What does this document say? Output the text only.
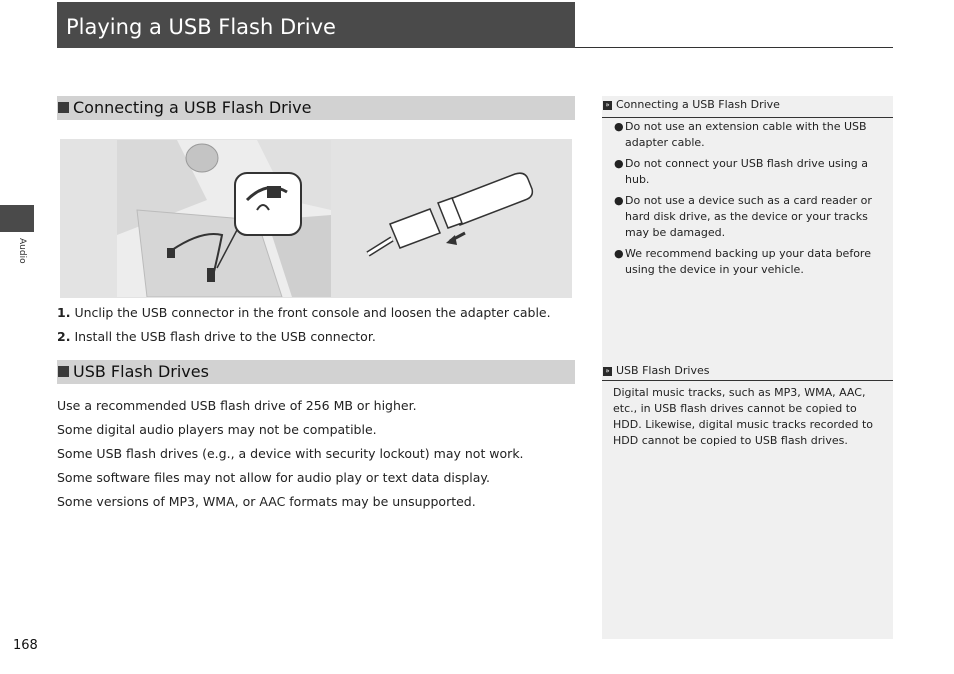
Playing a USB Flash Drive
Audio
Connecting a USB Flash Drive
1. Unclip the USB connector in the front console and loosen the adapter cable.
2. Install the USB flash drive to the USB connector.
USB Flash Drives
Use a recommended USB flash drive of 256 MB or higher.
Some digital audio players may not be compatible.
Some USB flash drives (e.g., a device with security lockout) may not work.
Some software files may not allow for audio play or text data display.
Some versions of MP3, WMA, or AAC formats may be unsupported.
» Connecting a USB Flash Drive
● Do not use an extension cable with the USB adapter cable.
● Do not connect your USB flash drive using a hub.
● Do not use a device such as a card reader or hard disk drive, as the device or your tracks may be damaged.
● We recommend backing up your data before using the device in your vehicle.
» USB Flash Drives
Digital music tracks, such as MP3, WMA, AAC, etc., in USB flash drives cannot be copied to HDD. Likewise, digital music tracks recorded to HDD cannot be copied to USB flash drives.
168
